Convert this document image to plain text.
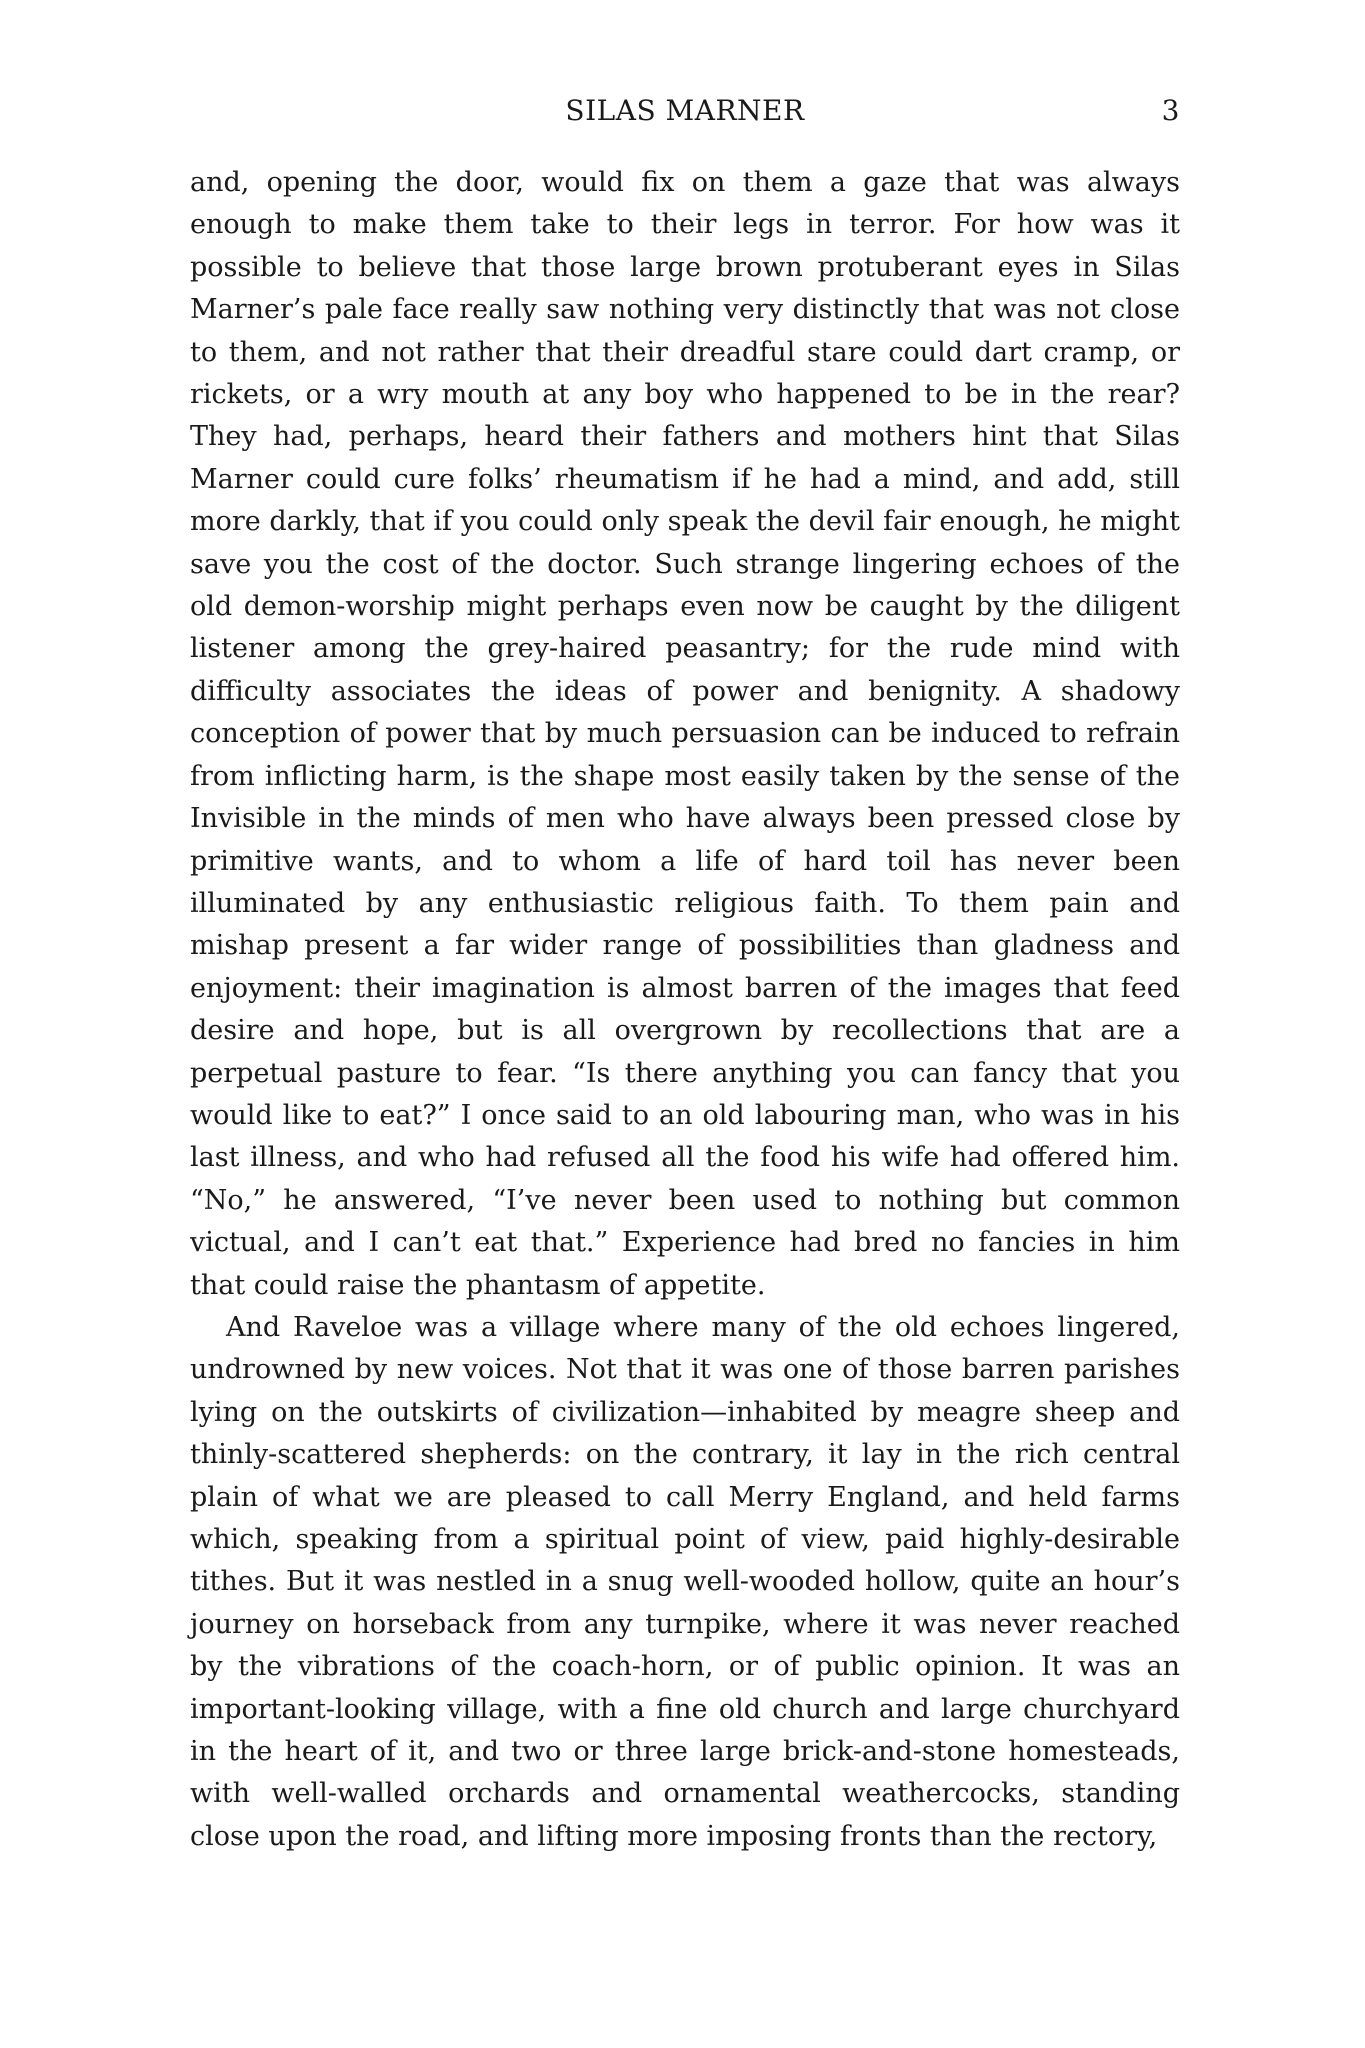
SILAS MARNER	3

and, opening the door, would fix on them a gaze that was always enough to make them take to their legs in terror. For how was it possible to believe that those large brown protuberant eyes in Silas Marner’s pale face really saw nothing very distinctly that was not close to them, and not rather that their dreadful stare could dart cramp, or rickets, or a wry mouth at any boy who happened to be in the rear? They had, perhaps, heard their fathers and mothers hint that Silas Marner could cure folks’ rheumatism if he had a mind, and add, still more darkly, that if you could only speak the devil fair enough, he might save you the cost of the doctor. Such strange lingering echoes of the old demon-worship might perhaps even now be caught by the diligent listener among the grey-haired peasantry; for the rude mind with difficulty associates the ideas of power and benignity. A shadowy conception of power that by much persuasion can be induced to refrain from inflicting harm, is the shape most easily taken by the sense of the Invisible in the minds of men who have always been pressed close by primitive wants, and to whom a life of hard toil has never been illuminated by any enthusiastic religious faith. To them pain and mishap present a far wider range of possibilities than gladness and enjoyment: their imagination is almost barren of the images that feed desire and hope, but is all overgrown by recollections that are a perpetual pasture to fear. “Is there anything you can fancy that you would like to eat?” I once said to an old labouring man, who was in his last illness, and who had refused all the food his wife had offered him. “No,” he answered, “I’ve never been used to nothing but common victual, and I can’t eat that.” Experience had bred no fancies in him that could raise the phantasm of appetite.

And Raveloe was a village where many of the old echoes lingered, undrowned by new voices. Not that it was one of those barren parishes lying on the outskirts of civilization—inhabited by meagre sheep and thinly-scattered shepherds: on the contrary, it lay in the rich central plain of what we are pleased to call Merry England, and held farms which, speaking from a spiritual point of view, paid highly-desirable tithes. But it was nestled in a snug well-wooded hollow, quite an hour’s journey on horseback from any turnpike, where it was never reached by the vibrations of the coach-horn, or of public opinion. It was an important-looking village, with a fine old church and large churchyard in the heart of it, and two or three large brick-and-stone homesteads, with well-walled orchards and ornamental weathercocks, standing close upon the road, and lifting more imposing fronts than the rectory,
